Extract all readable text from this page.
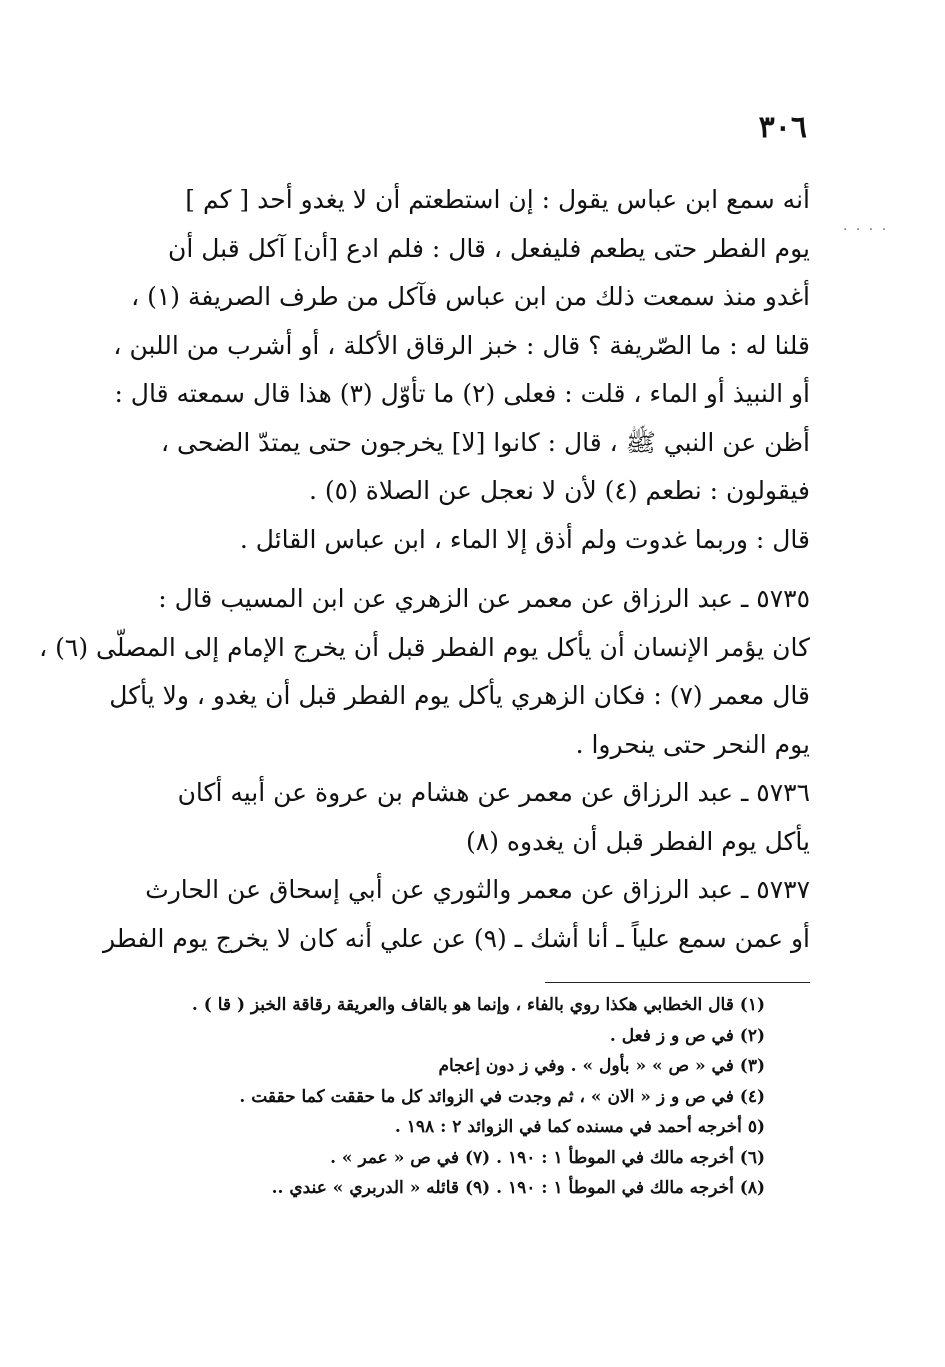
٣٠٦
· · · ·
أنه سمع ابن عباس يقول : إن استطعتم أن لا يغدو أحد [ كم ]
يوم الفطر حتى يطعم فليفعل ، قال : فلم ادع [أن] آكل قبل أن
أغدو منذ سمعت ذلك من ابن عباس فآكل من طرف الصريفة (١) ،
قلنا له : ما الصّريفة ؟ قال : خبز الرقاق الأكلة ، أو أشرب من اللبن ،
أو النبيذ أو الماء ، قلت : فعلى (٢) ما تأوّل (٣) هذا قال سمعته قال :
أظن عن النبي ﷺ ، قال : كانوا [لا] يخرجون حتى يمتدّ الضحى ،
فيقولون : نطعم (٤) لأن لا نعجل عن الصلاة (٥) .
قال : وربما غدوت ولم أذق إلا الماء ، ابن عباس القائل .
٥٧٣٥ ـ عبد الرزاق عن معمر عن الزهري عن ابن المسيب قال :
كان يؤمر الإنسان أن يأكل يوم الفطر قبل أن يخرج الإمام إلى المصلّى (٦) ،
قال معمر (٧) : فكان الزهري يأكل يوم الفطر قبل أن يغدو ، ولا يأكل
يوم النحر حتى ينحروا .
٥٧٣٦ ـ عبد الرزاق عن معمر عن هشام بن عروة عن أبيه أكان
يأكل يوم الفطر قبل أن يغدوه (٨)
٥٧٣٧ ـ عبد الرزاق عن معمر والثوري عن أبي إسحاق عن الحارث
أو عمن سمع علياً ـ أنا أشك ـ (٩) عن علي أنه كان لا يخرج يوم الفطر
(١) قال الخطابي هكذا روي بالفاء ، وإنما هو بالقاف والعريقة رقاقة الخبز ( قا ) .
(٢) في ص و ز فعل .
(٣) في « ص » « بأول » . وفي ز دون إعجام
(٤) في ص و ز « الان » ، ثم وجدت في الزوائد كل ما حققت كما حققت .
(٥ أخرجه أحمد في مسنده كما في الزوائد ٢ : ١٩٨ .
(٦) أخرجه مالك في الموطأ ١ : ١٩٠ . (٧) في ص « عمر » .
(٨) أخرجه مالك في الموطأ ١ : ١٩٠ . (٩) قائله « الدربري » عندي ..
